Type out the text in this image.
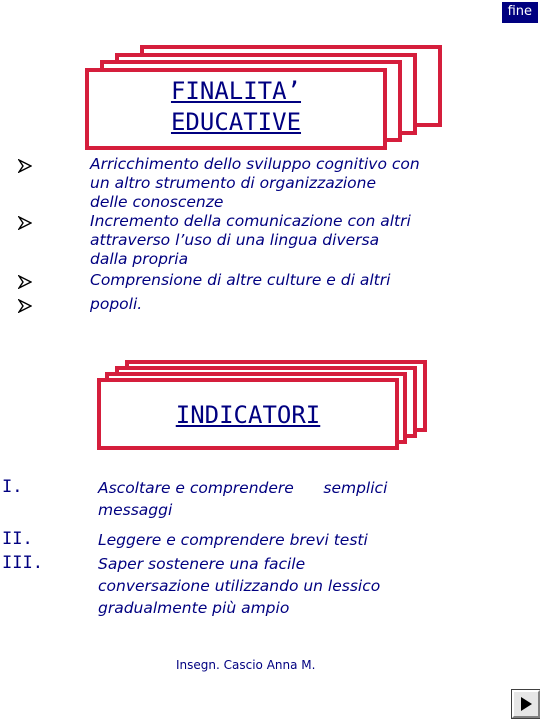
fine
FINALITA’
EDUCATIVE
Arricchimento dello sviluppo cognitivo con
un altro strumento di organizzazione
delle conoscenze
Incremento della comunicazione con altri
attraverso l’uso di una lingua diversa
dalla propria
Comprensione di altre culture e di altri
popoli.
INDICATORI
I.	Ascoltare e comprendere      semplici
messaggi
II.	Leggere e comprendere brevi testi
III.	Saper sostenere una facile
conversazione utilizzando un lessico
gradualmente più ampio
Insegn. Cascio Anna M.
